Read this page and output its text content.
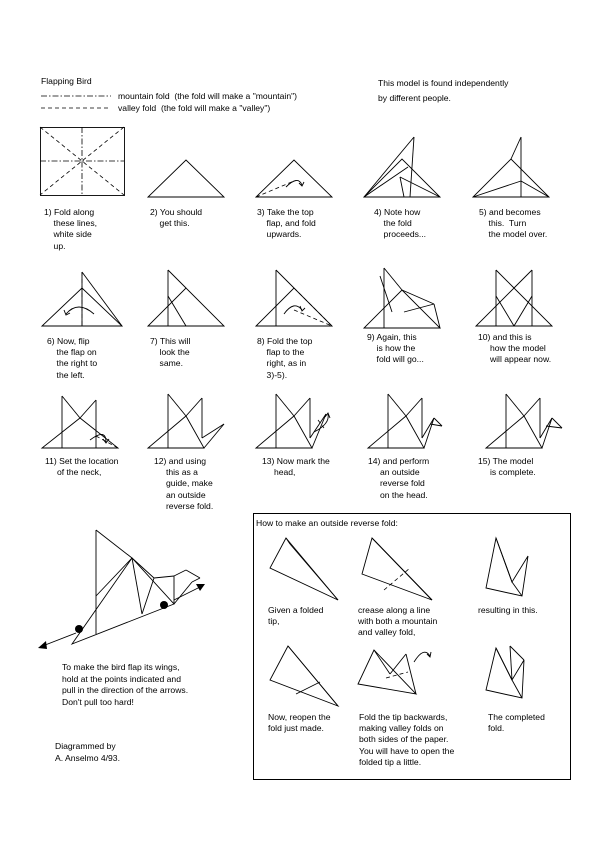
Flapping Bird
mountain fold  (the fold will make a "mountain")
valley fold  (the fold will make a "valley")
This model is found independently
by different people.
1) Fold along
these lines,
white side
up.
2) You should
get this.
3) Take the top
flap, and fold
upwards.
4) Note how
the fold
proceeds...
5) and becomes
this.  Turn
the model over.
6) Now, flip
the flap on
the right to
the left.
7) This will
look the
same.
8) Fold the top
flap to the
right, as in
3)-5).
9) Again, this
is how the
fold will go...
10) and this is
how the model
will appear now.
11) Set the location
of the neck,
12) and using
this as a
guide, make
an outside
reverse fold.
13) Now mark the
head,
14) and perform
an outside
reverse fold
on the head.
15) The model
is complete.
To make the bird flap its wings,
hold at the points indicated and
pull in the direction of the arrows.
Don't pull too hard!
Diagrammed by
A. Anselmo 4/93.
How to make an outside reverse fold:
Given a folded
tip,
crease along a line
with both a mountain
and valley fold,
resulting in this.
Now, reopen the
fold just made.
Fold the tip backwards,
making valley folds on
both sides of the paper.
You will have to open the
folded tip a little.
The completed
fold.
